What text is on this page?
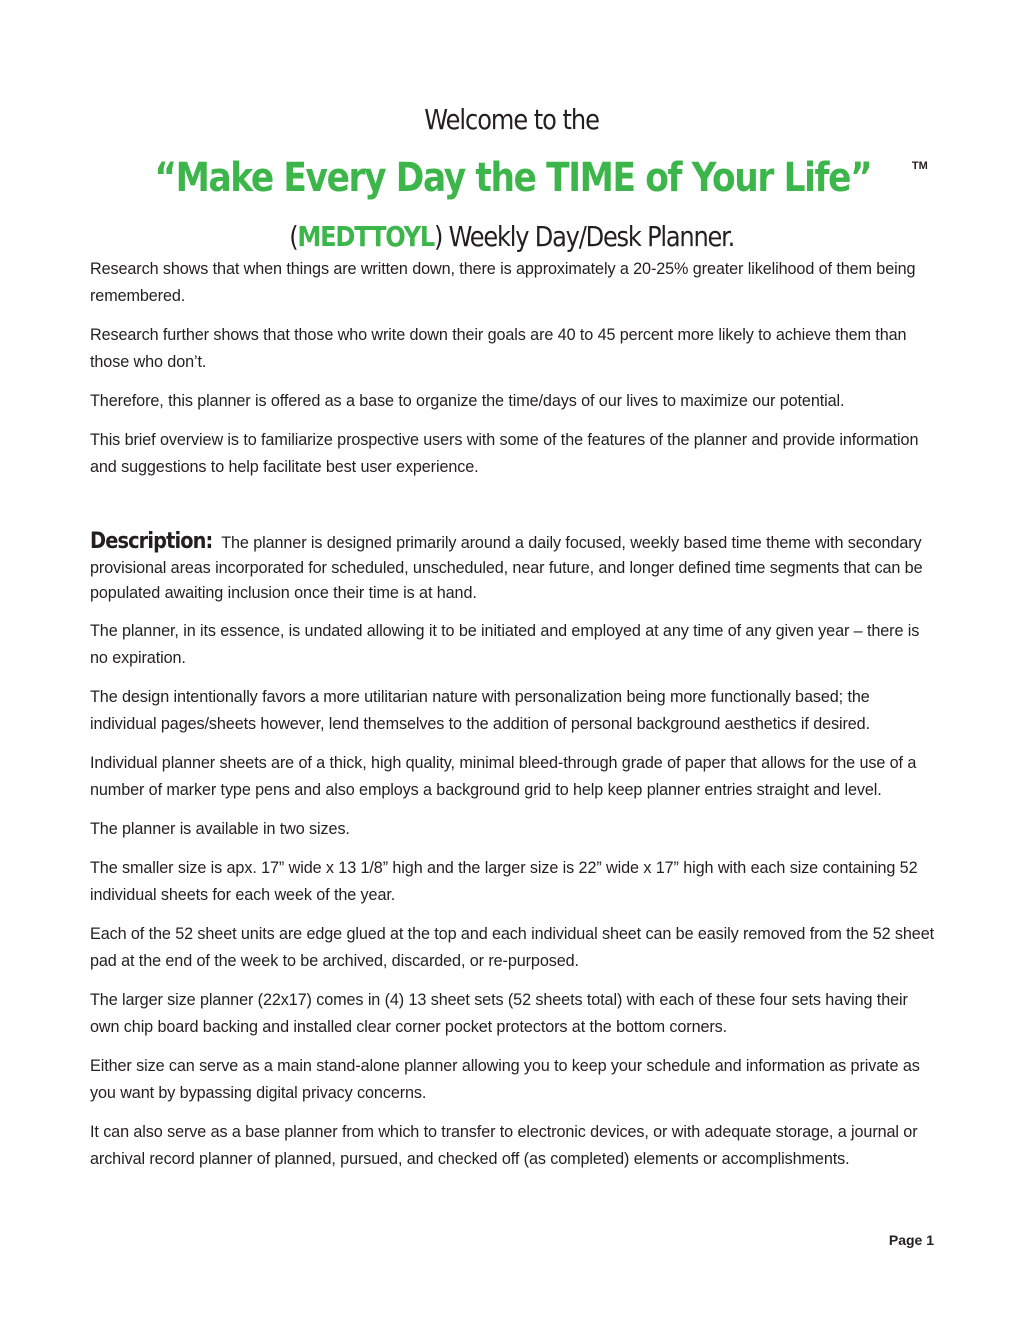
Welcome to the
“Make Every Day the TIME of Your Life”	™
(MEDTTOYL) Weekly Day/Desk Planner.

Research shows that when things are written down, there is approximately a 20-25% greater likelihood of them being remembered.

Research further shows that those who write down their goals are 40 to 45 percent more likely to achieve them than those who don’t.

Therefore, this planner is offered as a base to organize the time/days of our lives to maximize our potential.

This brief overview is to familiarize prospective users with some of the features of the planner and provide information and suggestions to help facilitate best user experience.

Description: The planner is designed primarily around a daily focused, weekly based time theme with secondary provisional areas incorporated for scheduled, unscheduled, near future, and longer defined time segments that can be populated awaiting inclusion once their time is at hand.

The planner, in its essence, is undated allowing it to be initiated and employed at any time of any given year – there is no expiration.

The design intentionally favors a more utilitarian nature with personalization being more functionally based; the individual pages/sheets however, lend themselves to the addition of personal background aesthetics if desired.

Individual planner sheets are of a thick, high quality, minimal bleed-through grade of paper that allows for the use of a number of marker type pens and also employs a background grid to help keep planner entries straight and level.

The planner is available in two sizes.

The smaller size is apx. 17” wide x 13 1/8” high and the larger size is 22” wide x 17” high with each size containing 52 individual sheets for each week of the year.

Each of the 52 sheet units are edge glued at the top and each individual sheet can be easily removed from the 52 sheet pad at the end of the week to be archived, discarded, or re-purposed.

The larger size planner (22x17) comes in (4) 13 sheet sets (52 sheets total) with each of these four sets having their own chip board backing and installed clear corner pocket protectors at the bottom corners.

Either size can serve as a main stand-alone planner allowing you to keep your schedule and information as private as you want by bypassing digital privacy concerns.

It can also serve as a base planner from which to transfer to electronic devices, or with adequate storage, a journal or archival record planner of planned, pursued, and checked off (as completed) elements or accomplishments.

Page 1
